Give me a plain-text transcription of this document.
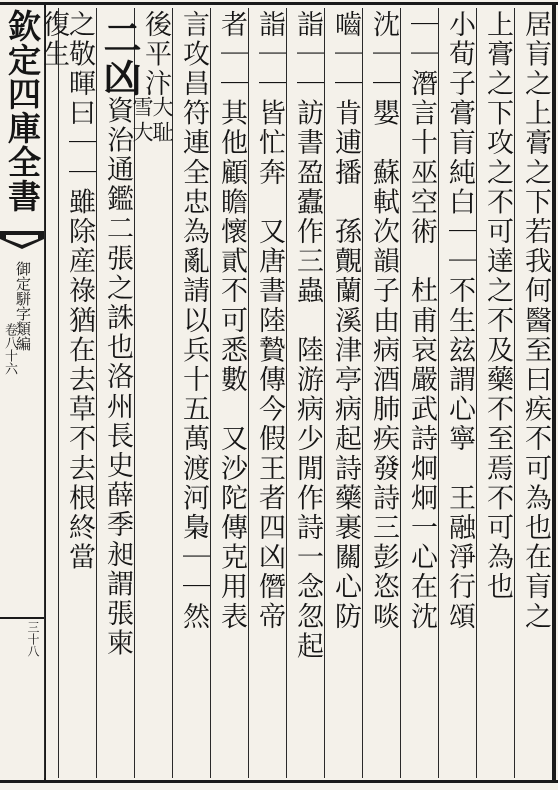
欽定四庫全書
御定駢字類編
卷八十六
三十八
居肓之上膏之下若我何醫至曰疾不可為也在肓之
上膏之下攻之不可達之不及藥不至焉不可為也
小荀子膏肓純白｜｜不生玆謂心寧　王融淨行頌
｜｜潛言十巫空術　杜甫哀嚴武詩炯炯一心在沈
沈｜｜嬰　蘇軾次韻子由病酒肺疾發詩三彭恣啖
嚙｜｜肯逋播　孫覿蘭溪津亭病起詩藥裹關心防
詣｜｜訪書盈蠹作三蟲　陸游病少閒作詩一念忽起
詣｜｜皆忙奔　又唐書陸贄傳今假王者四凶僭帝
者｜｜其他顧瞻懷貳不可悉數　又沙陀傳克用表
言攻昌符連全忠為亂請以兵十五萬渡河梟｜｜然
後平汴
雪大
大耻
二凶
資治通鑑二張之誅也洛州長史薛季昶謂張柬
之敬暉曰｜｜雖除産祿猶在去草不去根終當
復生
